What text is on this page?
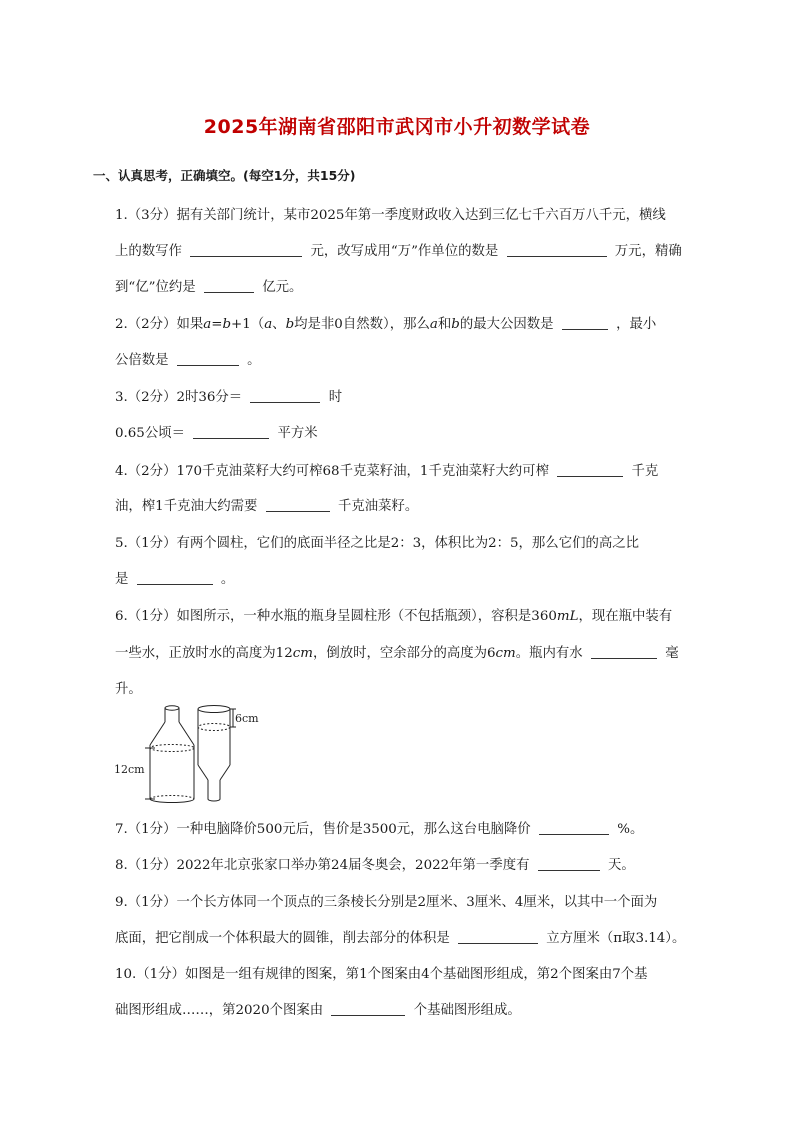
2025年湖南省邵阳市武冈市小升初数学试卷
一、认真思考，正确填空。(每空1分，共15分)
1.（3分）据有关部门统计，某市2025年第一季度财政收入达到三亿七千六百万八千元，横线
上的数写作	元，改写成用“万”作单位的数是	万元，精确
到“亿”位约是	亿元。
2.（2分）如果a=b+1（a、b均是非0自然数），那么a和b的最大公因数是	，最小
公倍数是	。
3.（2分）2时36分＝	时
0.65公顷＝	平方米
4.（2分）170千克油菜籽大约可榨68千克菜籽油，1千克油菜籽大约可榨	千克
油，榨1千克油大约需要	千克油菜籽。
5.（1分）有两个圆柱，它们的底面半径之比是2：3，体积比为2：5，那么它们的高之比
是	。
6.（1分）如图所示，一种水瓶的瓶身呈圆柱形（不包括瓶颈），容积是360mL，现在瓶中装有
一些水，正放时水的高度为12cm，倒放时，空余部分的高度为6cm。瓶内有水	毫
升。
12cm
6cm
7.（1分）一种电脑降价500元后，售价是3500元，那么这台电脑降价	%。
8.（1分）2022年北京张家口举办第24届冬奥会，2022年第一季度有	天。
9.（1分）一个长方体同一个顶点的三条棱长分别是2厘米、3厘米、4厘米，以其中一个面为
底面，把它削成一个体积最大的圆锥，削去部分的体积是	立方厘米（π取3.14）。
10.（1分）如图是一组有规律的图案，第1个图案由4个基础图形组成，第2个图案由7个基
础图形组成……，第2020个图案由	个基础图形组成。
